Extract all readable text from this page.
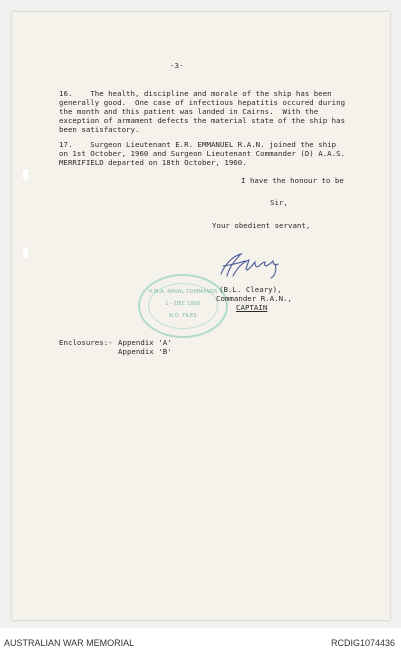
-3-
16.    The health, discipline and morale of the ship has been
generally good.  One case of infectious hepatitis occured during
the month and this patient was landed in Cairns.  With the
exception of armament defects the material state of the ship has
been satisfactory.
17.    Surgeon Lieutenant E.R. EMMANUEL R.A.N. joined the ship
on 1st October, 1960 and Surgeon Lieutenant Commander (D) A.A.S.
MERRIFIELD departed on 18th October, 1960.
I have the honour to be
Sir,
Your obedient servant,
H.M.A. NAVAL COMMANDS
1 - DEC 1960
N.O. FILES
(B.L. Cleary),
Commander R.A.N.,
CAPTAIN
Enclosures:- Appendix 'A'
Appendix 'B'
AUSTRALIAN WAR MEMORIAL	RCDIG1074436
